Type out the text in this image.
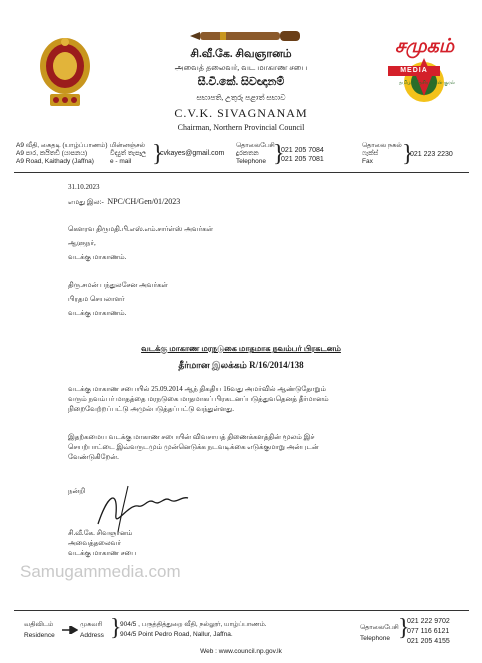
சமுகம்
MEDIA
தமிழர் தேசியத்தின் குரல்
சி.வீ.கே. சிவஞானம்
அவைத் தலைவர், வட மாகாண சபை
සී.වී.කේ. සිවඥානම්
සභාපති, උතුරු පළාත් සභාව
C.V.K. SIVAGNANAM
Chairman, Northern Provincial Council
A9 வீதி, கைதடி (யாழ்ப்பாணம்)
A9 පාර, කයිතඩි (යාපනය)
A9 Road, Kaithady (Jaffna)
மின்னஞ்சல்
විද්‍යුත් තැපෑල
e - mail }
cvkayes@gmail.com
தொலைபேசி
දුරකතන
Telephone }
021 205 7084
021 205 7081
தொலை நகல்
ෆැක්ස්
Fax	}
021 223 2230
31.10.2023
எமது இல:- NPC/CH/Gen/01/2023
கௌரவ திருமதி.பி.எஸ்.எம்.சார்ள்ஸ் அவர்கள்
ஆளுநர்,
வடக்கு மாகாணம்.
திரு.சமன் பந்துலசேன அவர்கள்
பிரதம செயலாளர்
வடக்கு மாகாணம்.
வடக்கு மாகாண மரநடுகை மாதமாக நவம்பர் பிரகடனம்
தீர்மான இலக்கம் R/16/2014/138
வடக்கு மாகாண சபையில் 25.09.2014 ஆந் திகதிய 16வது அமர்வில் ஆண்டுதோறும்
வரும் நவம்பர் மாதத்தை மரநடுகை மாதமாகப் பிரகடனப்படுத்துவதெனத் தீர்மானம்
நிறைவேற்றப்பட்டு அமுல்படுத்தப்பட்டு வந்துள்ளது.
இதற்கமைய வடக்கு மாகாண சபையின் விவசாயத் திணைக்களத்தின் மூலம் இச்
செயற்பாட்டை இவ்வருடமும் முன்னெடுக்க நடவடிக்கை எடுக்குமாறு அன்புடன்
வேண்டுகிறேன்.
நன்றி
சி.வீ.கே. சிவஞானம்
அவைத்தலைவர்
வடக்கு மாகாண சபை
Samugammedia.com
வதிவிடம்
Residence
முகவரி
Address }
904/5 , பருத்தித்துறை வீதி, நல்லூர், யாழ்ப்பாணம்.
904/5 Point Pedro Road, Nallur, Jaffna.
தொலைபேசி
Telephone }
021 222 9702
077 116 6121
021 205 4155
Web : www.council.np.gov.lk
